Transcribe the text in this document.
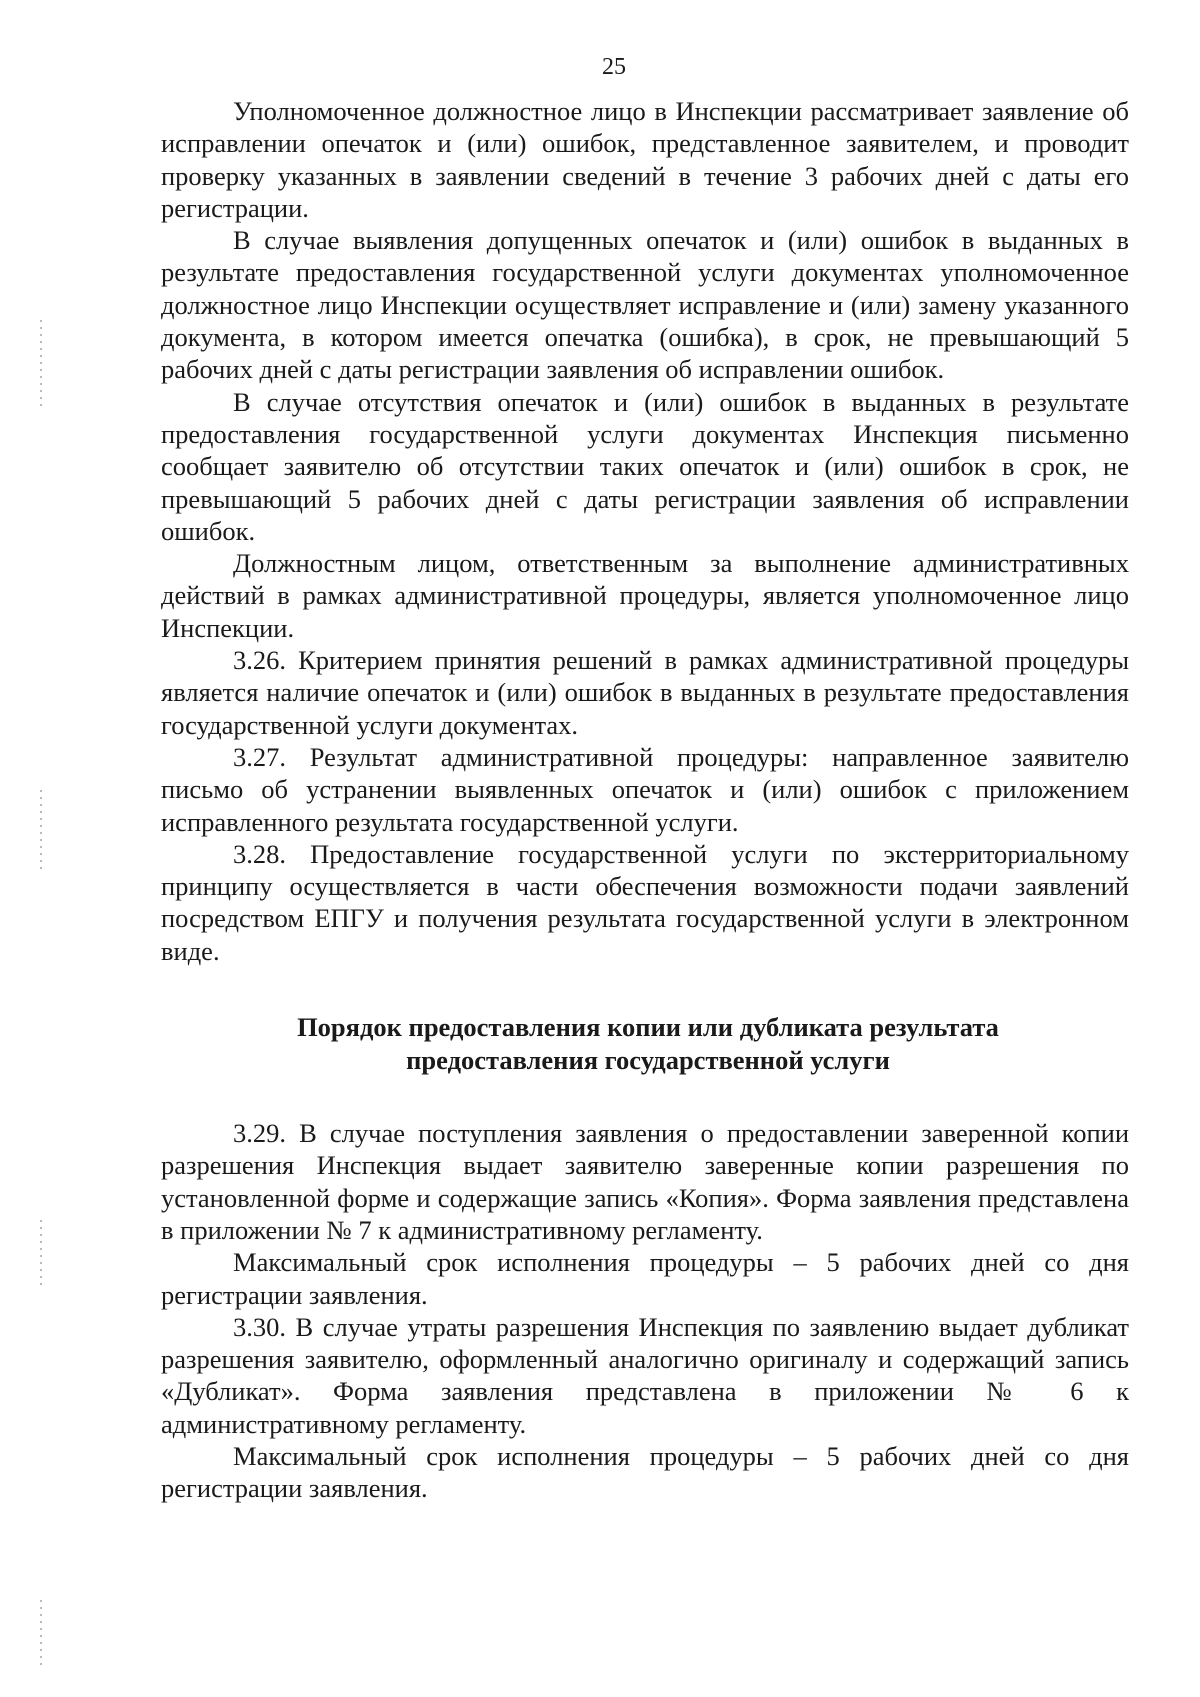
25

Уполномоченное должностное лицо в Инспекции рассматривает заявление об исправлении опечаток и (или) ошибок, представленное заявителем, и проводит проверку указанных в заявлении сведений в течение 3 рабочих дней с даты его регистрации.

В случае выявления допущенных опечаток и (или) ошибок в выданных в результате предоставления государственной услуги документах уполномоченное должностное лицо Инспекции осуществляет исправление и (или) замену указанного документа, в котором имеется опечатка (ошибка), в срок, не превышающий 5 рабочих дней с даты регистрации заявления об исправлении ошибок.

В случае отсутствия опечаток и (или) ошибок в выданных в результате предоставления государственной услуги документах Инспекция письменно сообщает заявителю об отсутствии таких опечаток и (или) ошибок в срок, не превышающий 5 рабочих дней с даты регистрации заявления об исправлении ошибок.

Должностным лицом, ответственным за выполнение административных действий в рамках административной процедуры, является уполномоченное лицо Инспекции.

3.26. Критерием принятия решений в рамках административной процедуры является наличие опечаток и (или) ошибок в выданных в результате предоставления государственной услуги документах.

3.27. Результат административной процедуры: направленное заявителю письмо об устранении выявленных опечаток и (или) ошибок с приложением исправленного результата государственной услуги.

3.28. Предоставление государственной услуги по экстерриториальному принципу осуществляется в части обеспечения возможности подачи заявлений посредством ЕПГУ и получения результата государственной услуги в электронном виде.

Порядок предоставления копии или дубликата результата
предоставления государственной услуги

3.29. В случае поступления заявления о предоставлении заверенной копии разрешения Инспекция выдает заявителю заверенные копии разрешения по установленной форме и содержащие запись «Копия». Форма заявления представлена в приложении № 7 к административному регламенту.

Максимальный срок исполнения процедуры – 5 рабочих дней со дня регистрации заявления.

3.30. В случае утраты разрешения Инспекция по заявлению выдает дубликат разрешения заявителю, оформленный аналогично оригиналу и содержащий запись «Дубликат». Форма заявления представлена в приложении № 6 к административному регламенту.

Максимальный срок исполнения процедуры – 5 рабочих дней со дня регистрации заявления.
